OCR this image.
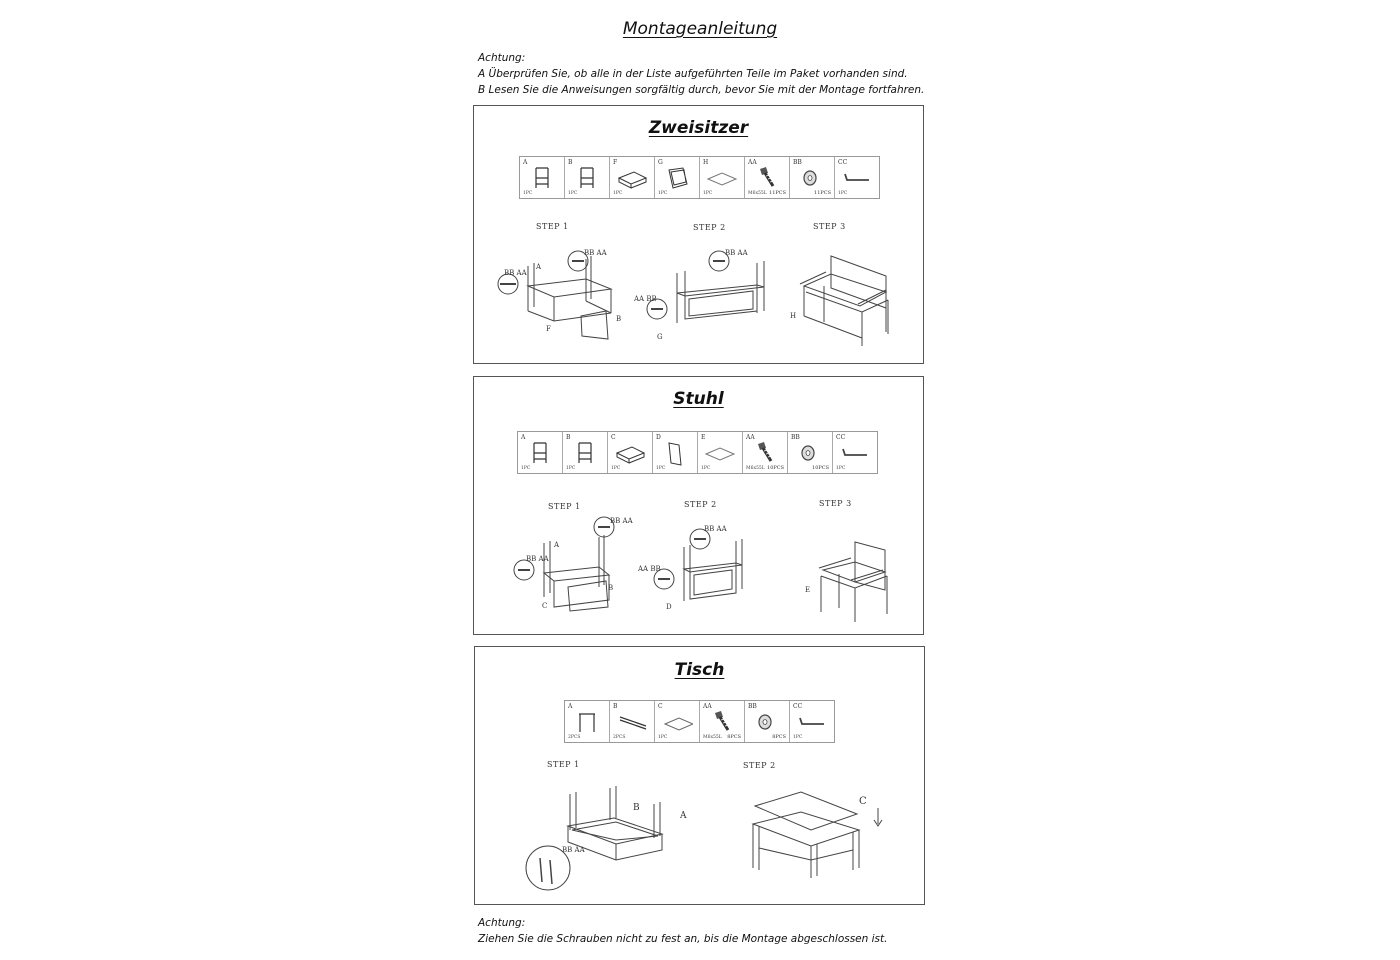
Montageanleitung
Achtung:
A Überprüfen Sie, ob alle in der Liste aufgeführten Teile im Paket vorhanden sind.
B Lesen Sie die Anweisungen sorgfältig durch, bevor Sie mit der Montage fortfahren.
Zweisitzer
A
1PC
B
1PC
F
1PC
G
1PC
H
1PC
AA
M6x55L 11PCS
BB
11PCS
CC
1PC
STEP 1	STEP 2	STEP 3
A
BB AA
BB AA
F
B
BB AA
AA BB
G
H
Stuhl
A
1PC
B
1PC
C
1PC
D
1PC
E
1PC
AA
M6x55L 10PCS
BB
10PCS
CC
1PC
STEP 1	STEP 2	STEP 3
A
BB AA
BB AA
C
B
BB AA
AA BB
D
E
Tisch
A
2PCS
B
2PCS
C
1PC
AA
M6x55L 8PCS
BB
8PCS
CC
1PC
STEP 1	STEP 2
B
A
BB AA
C
Achtung:
Ziehen Sie die Schrauben nicht zu fest an, bis die Montage abgeschlossen ist.
